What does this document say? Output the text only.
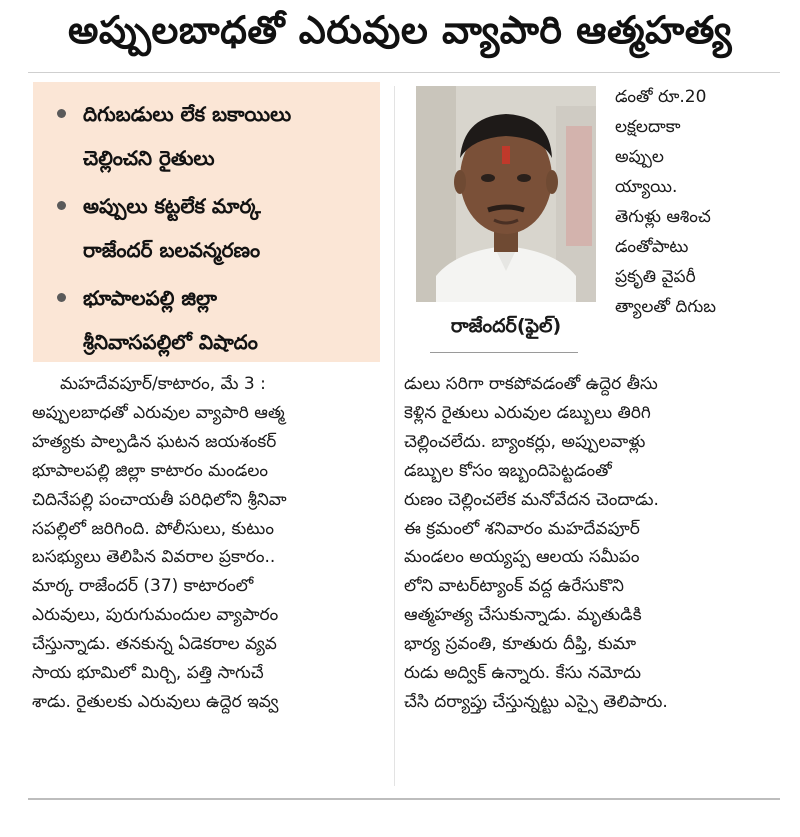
అప్పులబాధతో ఎరువుల వ్యాపారి ఆత్మహత్య
దిగుబడులు లేక బకాయిలు
చెల్లించని రైతులు
అప్పులు కట్టలేక మార్క
రాజేందర్ బలవన్మరణం
భూపాలపల్లి జిల్లా
శ్రీనివాసపల్లిలో విషాదం
రాజేందర్(ఫైల్)
డంతో రూ.20
లక్షలదాకా
అప్పుల
య్యాయి.
తెగుళ్లు ఆశించ
డంతోపాటు
ప్రకృతి వైపరీ
త్యాలతో దిగుబ
మహదేవపూర్/కాటారం, మే 3 :
అప్పులబాధతో ఎరువుల వ్యాపారి ఆత్మ
హత్యకు పాల్పడిన ఘటన జయశంకర్
భూపాలపల్లి జిల్లా కాటారం మండలం
చిదినేపల్లి పంచాయతీ పరిధిలోని శ్రీనివా
సపల్లిలో జరిగింది. పోలీసులు, కుటుం
బసభ్యులు తెలిపిన వివరాల ప్రకారం..
మార్క రాజేందర్ (37) కాటారంలో
ఎరువులు, పురుగుమందుల వ్యాపారం
చేస్తున్నాడు. తనకున్న ఏడెకరాల వ్యవ
సాయ భూమిలో మిర్చి, పత్తి సాగుచే
శాడు. రైతులకు ఎరువులు ఉద్దెర ఇవ్వ
డులు సరిగా రాకపోవడంతో ఉద్దెర తీసు
కెళ్లిన రైతులు ఎరువుల డబ్బులు తిరిగి
చెల్లించలేదు. బ్యాంకర్లు, అప్పులవాళ్లు
డబ్బుల కోసం ఇబ్బందిపెట్టడంతో
రుణం చెల్లించలేక మనోవేదన చెందాడు.
ఈ క్రమంలో శనివారం మహదేవపూర్
మండలం అయ్యప్ప ఆలయ సమీపం
లోని వాటర్‌ట్యాంక్ వద్ద ఉరేసుకొని
ఆత్మహత్య చేసుకున్నాడు. మృతుడికి
భార్య స్రవంతి, కూతురు దీప్తి, కుమా
రుడు అద్విక్ ఉన్నారు. కేసు నమోదు
చేసి దర్యాప్తు చేస్తున్నట్టు ఎస్సై తెలిపారు.
